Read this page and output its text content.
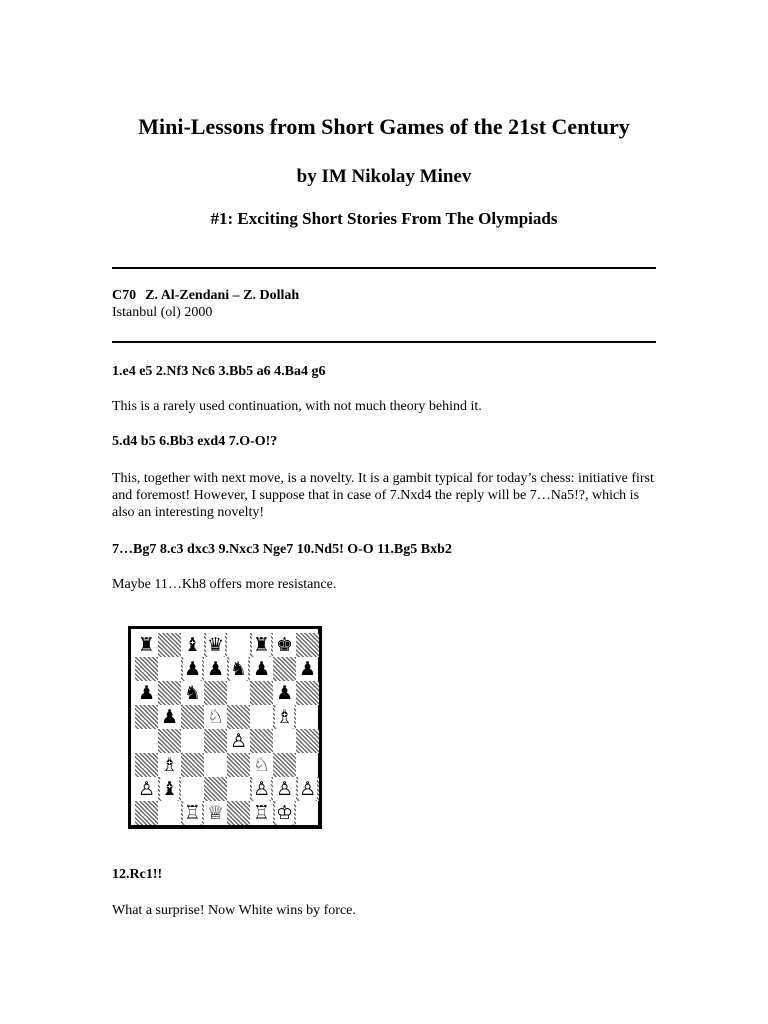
Mini-Lessons from Short Games of the 21st Century
by IM Nikolay Minev
#1: Exciting Short Stories From The Olympiads
C70 Z. Al-Zendani – Z. Dollah
Istanbul (ol) 2000

1.e4 e5 2.Nf3 Nc6 3.Bb5 a6 4.Ba4 g6

This is a rarely used continuation, with not much theory behind it.

5.d4 b5 6.Bb3 exd4 7.O-O!?

This, together with next move, is a novelty. It is a gambit typical for today’s chess: initiative first and foremost! However, I suppose that in case of 7.Nxd4 the reply will be 7…Na5!?, which is also an interesting novelty!

7…Bg7 8.c3 dxc3 9.Nxc3 Nge7 10.Nd5! O-O 11.Bg5 Bxb2

Maybe 11…Kh8 offers more resistance.

♜ ♝ ♛ ♜ ♚
♟ ♟ ♞ ♟ ♟
♟ ♞	♟
♟ ♘	♗
♙
♗	♘
♙ ♝	♙ ♙ ♙
♖ ♕ ♖ ♔

12.Rc1!!

What a surprise! Now White wins by force.
